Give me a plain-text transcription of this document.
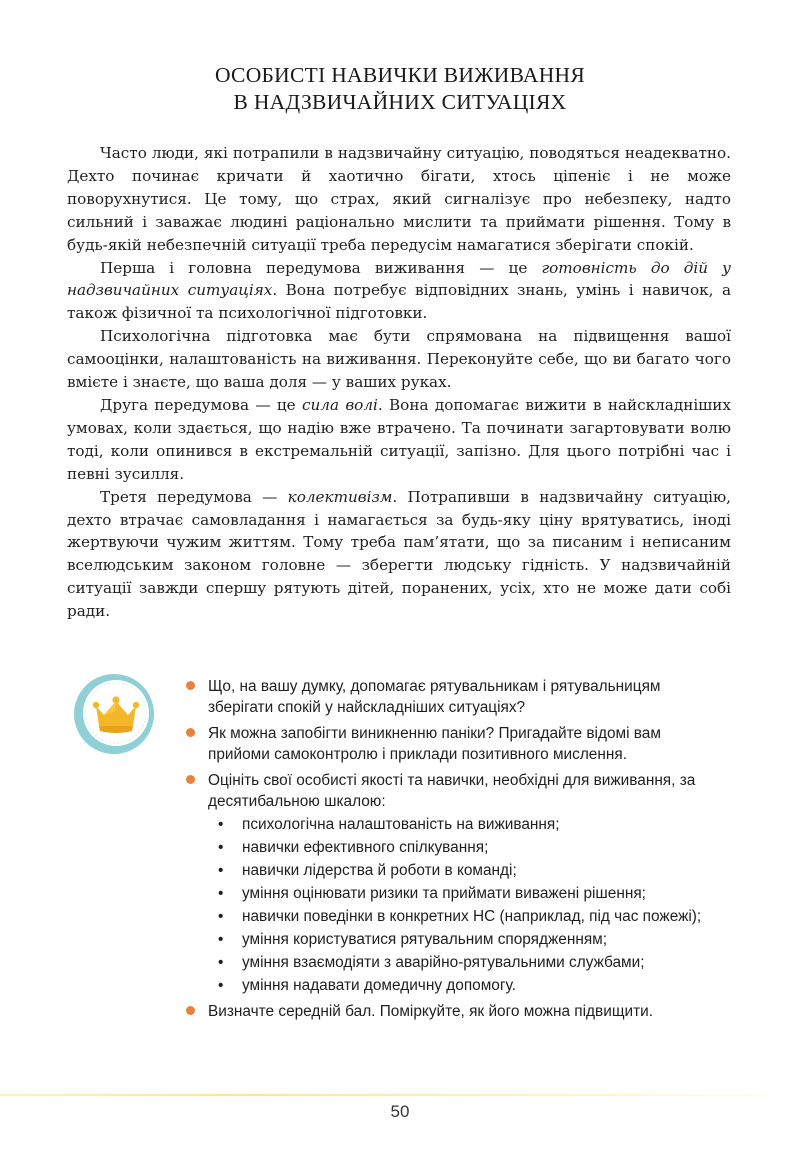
ОСОБИСТІ НАВИЧКИ ВИЖИВАННЯ
В НАДЗВИЧАЙНИХ СИТУАЦІЯХ

Часто люди, які потрапили в надзвичайну ситуацію, поводяться неадекватно. Дехто починає кричати й хаотично бігати, хтось ціпеніє і не може поворухнутися. Це тому, що страх, який сигналізує про небезпеку, надто сильний і заважає людині раціонально мислити та приймати рішення. Тому в будь-якій небезпечній ситуації треба передусім намагатися зберігати спокій.

Перша і головна передумова виживання — це готовність до дій у надзвичайних ситуаціях. Вона потребує відповідних знань, умінь і навичок, а також фізичної та психологічної підготовки.

Психологічна підготовка має бути спрямована на підвищення вашої самооцінки, налаштованість на виживання. Переконуйте себе, що ви багато чого вмієте і знаєте, що ваша доля — у ваших руках.

Друга передумова — це сила волі. Вона допомагає вижити в найскладніших умовах, коли здається, що надію вже втрачено. Та починати загартовувати волю тоді, коли опинився в екстремальній ситуації, запізно. Для цього потрібні час і певні зусилля.

Третя передумова — колективізм. Потрапивши в надзвичайну ситуацію, дехто втрачає самовладання і намагається за будь-яку ціну врятуватись, іноді жертвуючи чужим життям. Тому треба пам’ятати, що за писаним і неписаним вселюдським законом головне — зберегти людську гідність. У надзвичайній ситуації завжди спершу рятують дітей, поранених, усіх, хто не може дати собі ради.

Що, на вашу думку, допомагає рятувальникам і рятувальницям зберігати спокій у найскладніших ситуаціях?
Як можна запобігти виникненню паніки? Пригадайте відомі вам прийоми самоконтролю і приклади позитивного мислення.
Оцініть свої особисті якості та навички, необхідні для виживання, за десятибальною шкалою:
• психологічна налаштованість на виживання;
• навички ефективного спілкування;
• навички лідерства й роботи в команді;
• уміння оцінювати ризики та приймати виважені рішення;
• навички поведінки в конкретних НС (наприклад, під час пожежі);
• уміння користуватися рятувальним спорядженням;
• уміння взаємодіяти з аварійно-рятувальними службами;
• уміння надавати домедичну допомогу.
Визначте середній бал. Поміркуйте, як його можна підвищити.
50
